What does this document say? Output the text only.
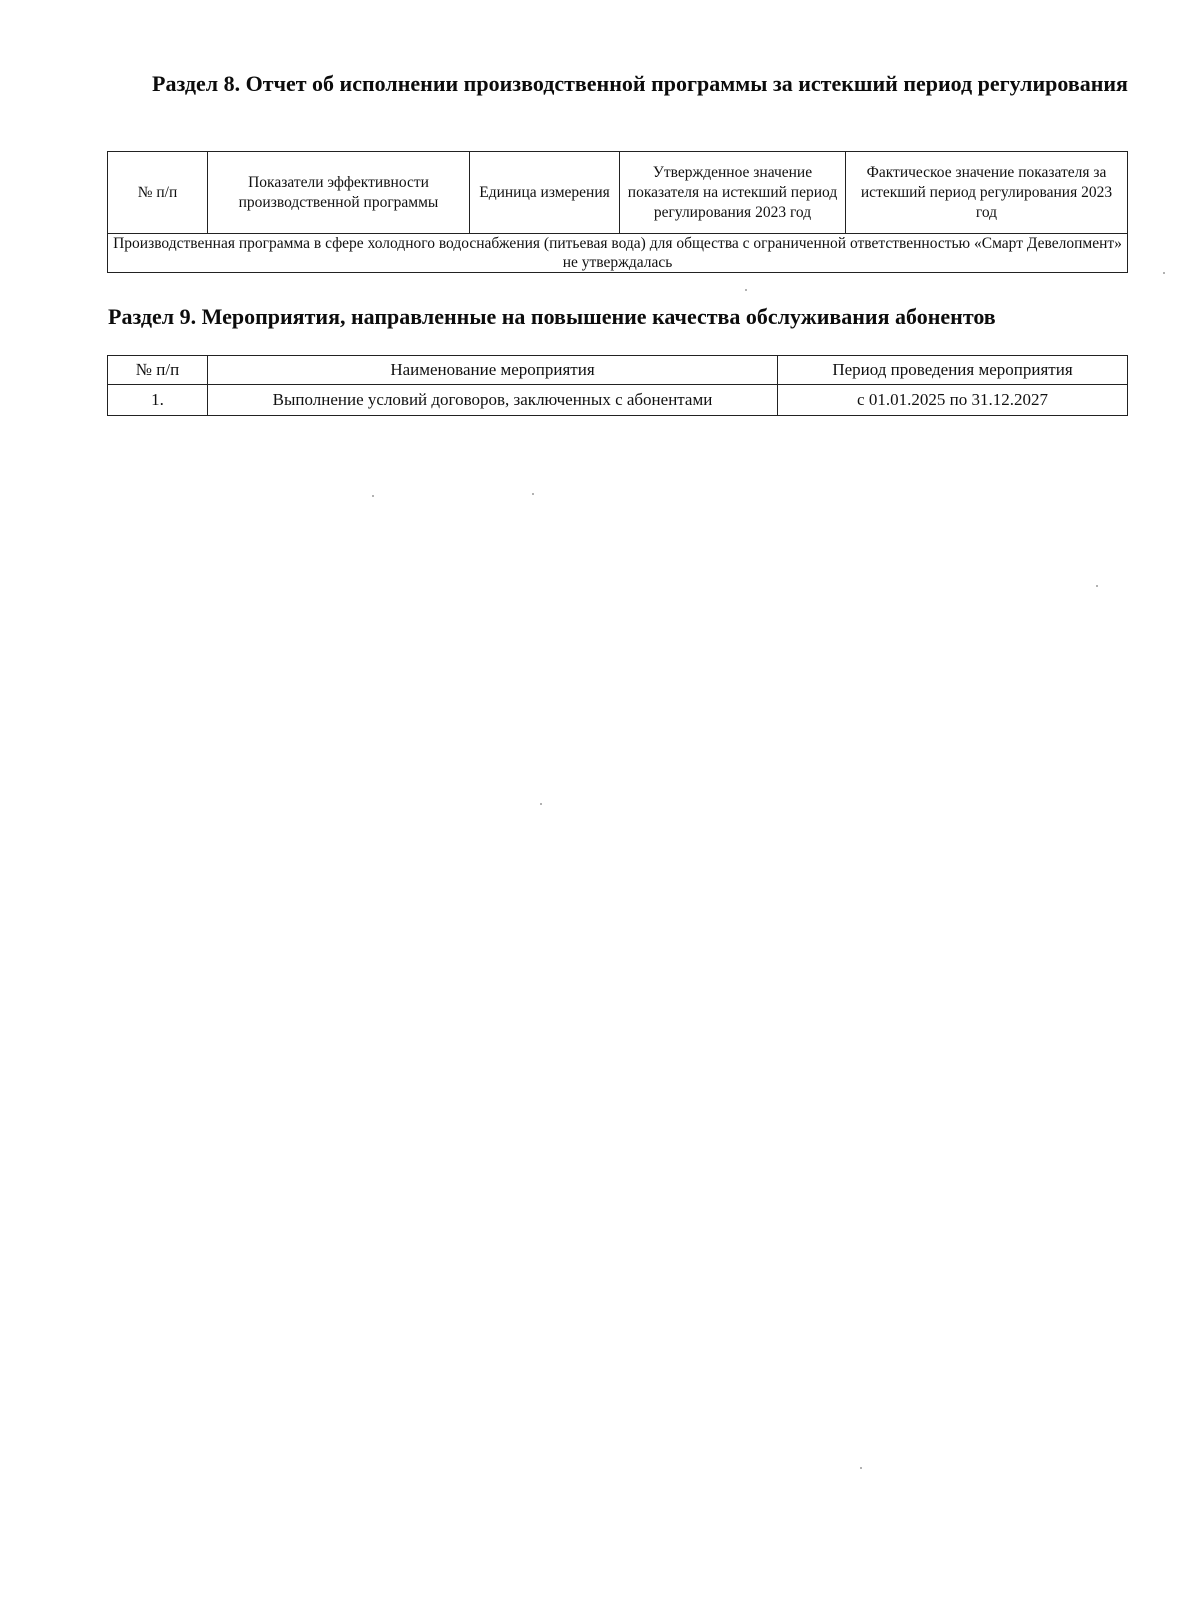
Раздел 8. Отчет об исполнении производственной программы за истекший период регулирования
№ п/п	Показатели эффективности производственной программы	Единица измерения	Утвержденное значение показателя на истекший период регулирования 2023 год	Фактическое значение показателя за истекший период регулирования 2023 год
Производственная программа в сфере холодного водоснабжения (питьевая вода) для общества с ограниченной ответственностью «Смарт Девелопмент» не утверждалась
Раздел 9. Мероприятия, направленные на повышение качества обслуживания абонентов
№ п/п	Наименование мероприятия	Период проведения мероприятия
1.	Выполнение условий договоров, заключенных с абонентами	с 01.01.2025 по 31.12.2027
